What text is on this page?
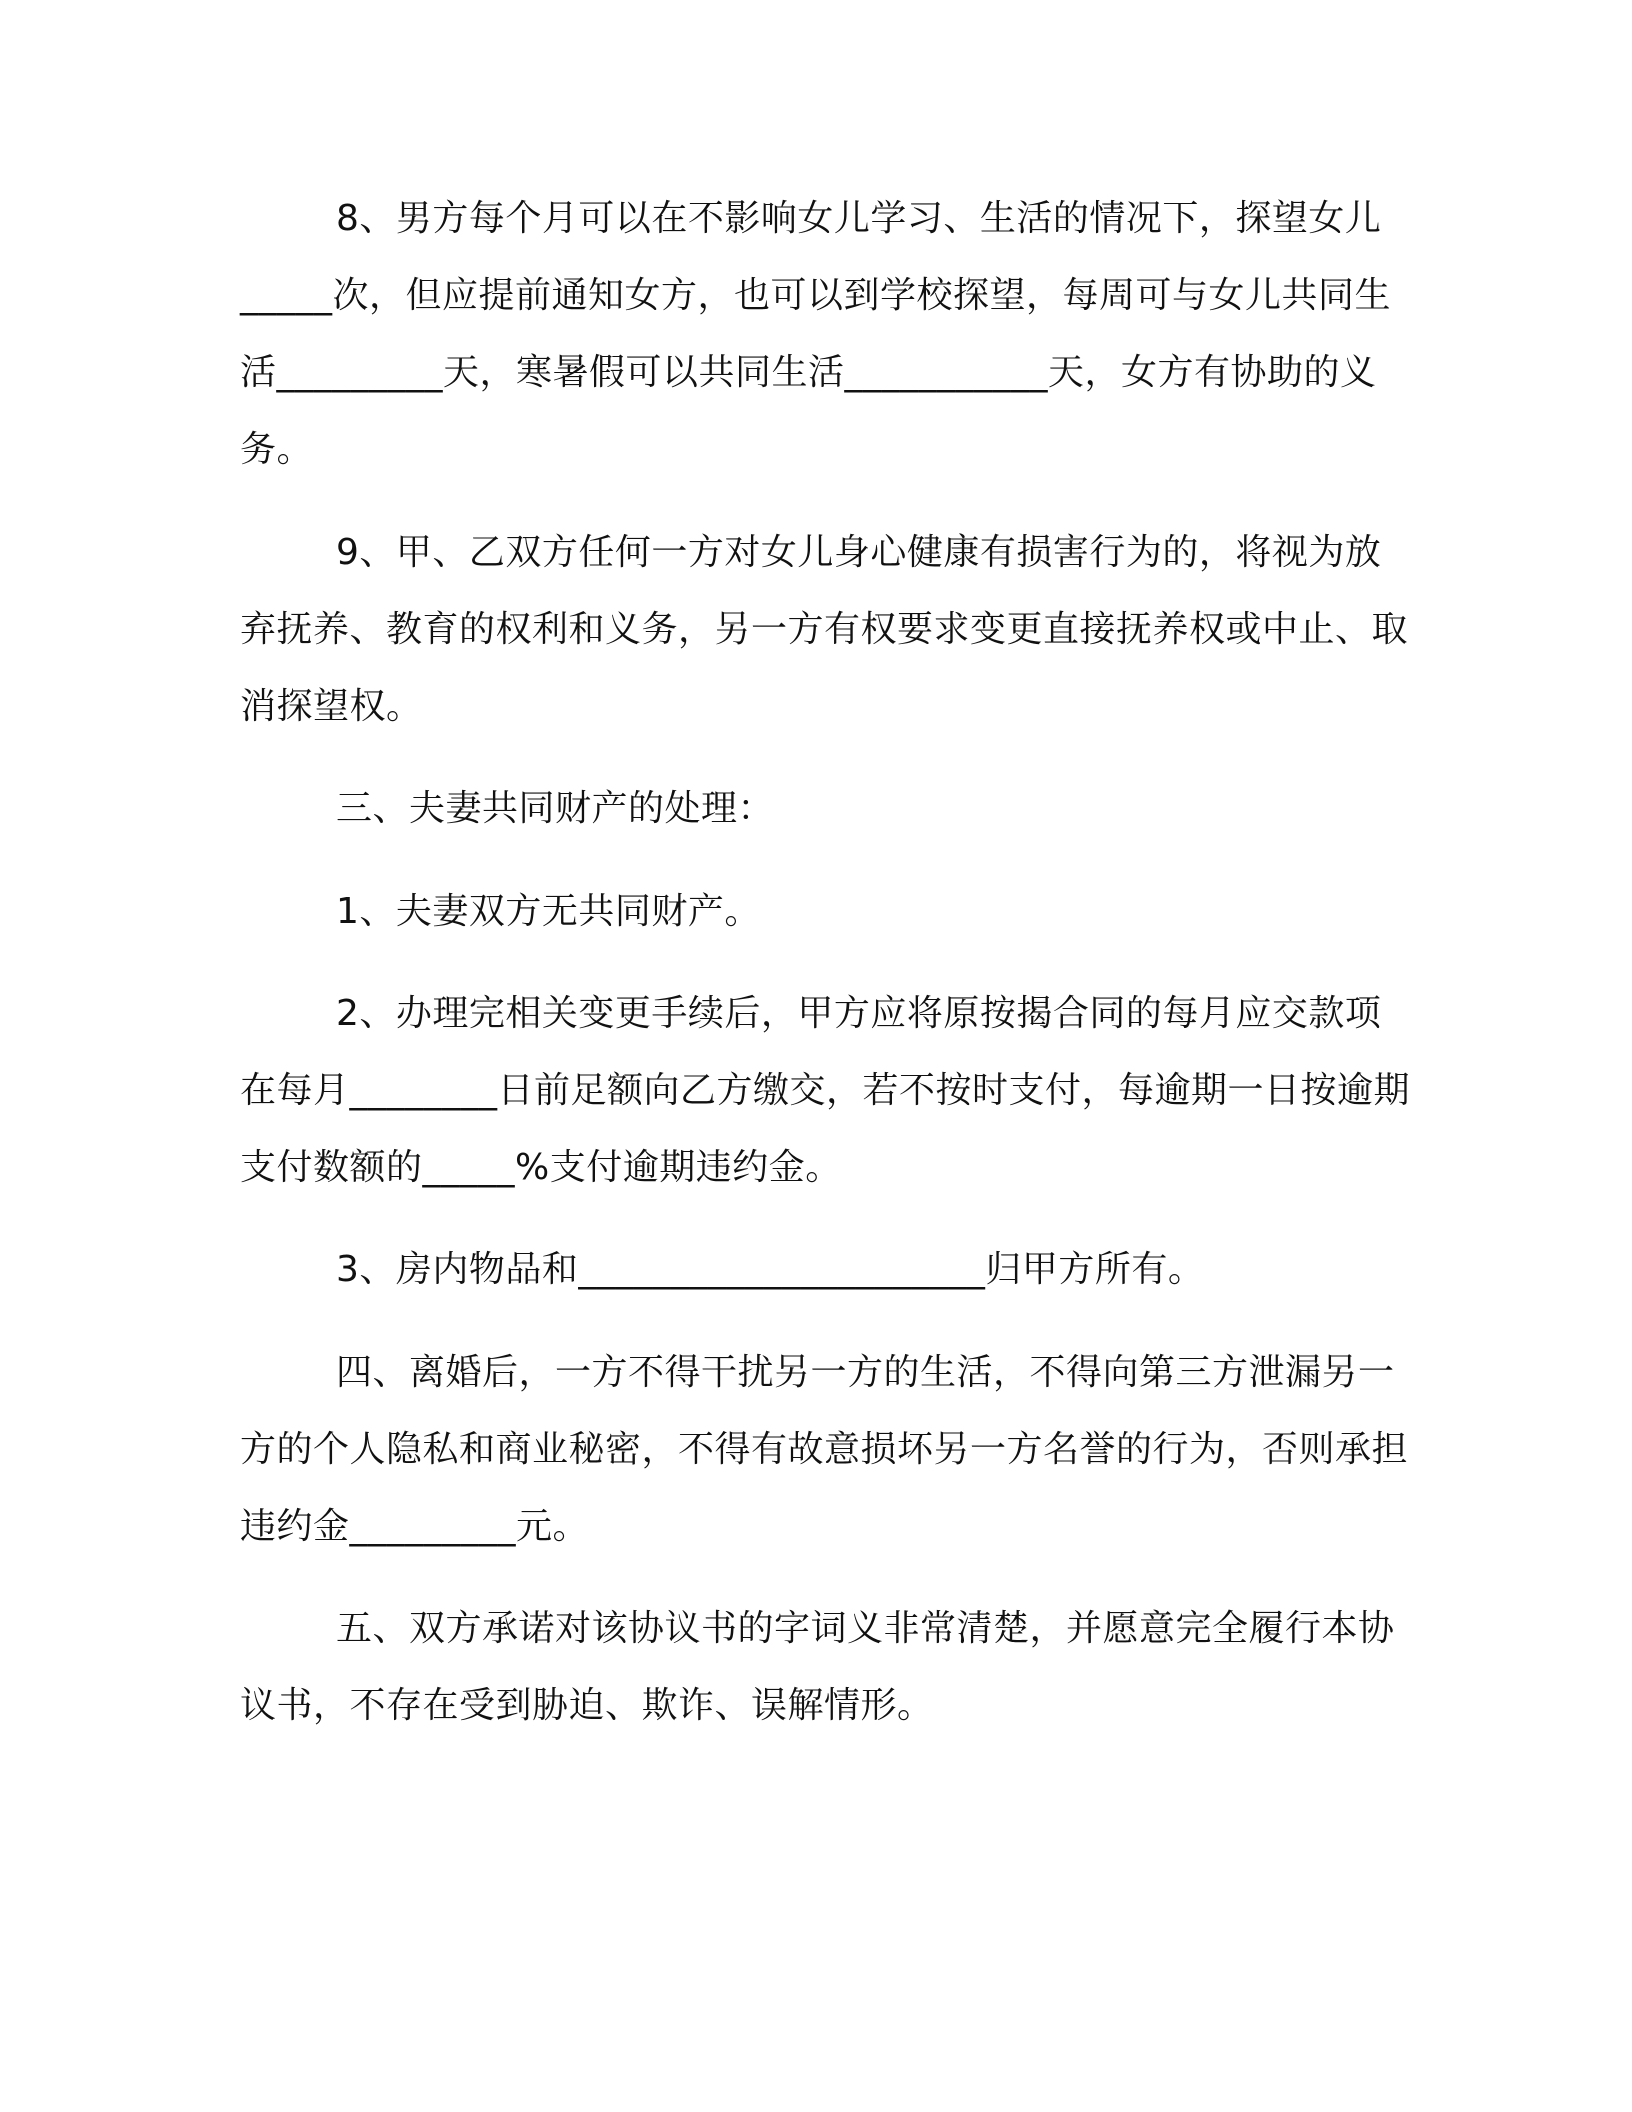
8、男方每个月可以在不影响女儿学习、生活的情况下，探望女儿_____次，但应提前通知女方，也可以到学校探望，每周可与女儿共同生活_________天，寒暑假可以共同生活___________天，女方有协助的义务。

9、甲、乙双方任何一方对女儿身心健康有损害行为的，将视为放弃抚养、教育的权利和义务，另一方有权要求变更直接抚养权或中止、取消探望权。

三、夫妻共同财产的处理：

1、夫妻双方无共同财产。

2、办理完相关变更手续后，甲方应将原按揭合同的每月应交款项在每月________日前足额向乙方缴交，若不按时支付，每逾期一日按逾期支付数额的_____%支付逾期违约金。

3、房内物品和______________________归甲方所有。

四、离婚后，一方不得干扰另一方的生活，不得向第三方泄漏另一方的个人隐私和商业秘密，不得有故意损坏另一方名誉的行为，否则承担违约金_________元。

五、双方承诺对该协议书的字词义非常清楚，并愿意完全履行本协议书，不存在受到胁迫、欺诈、误解情形。
